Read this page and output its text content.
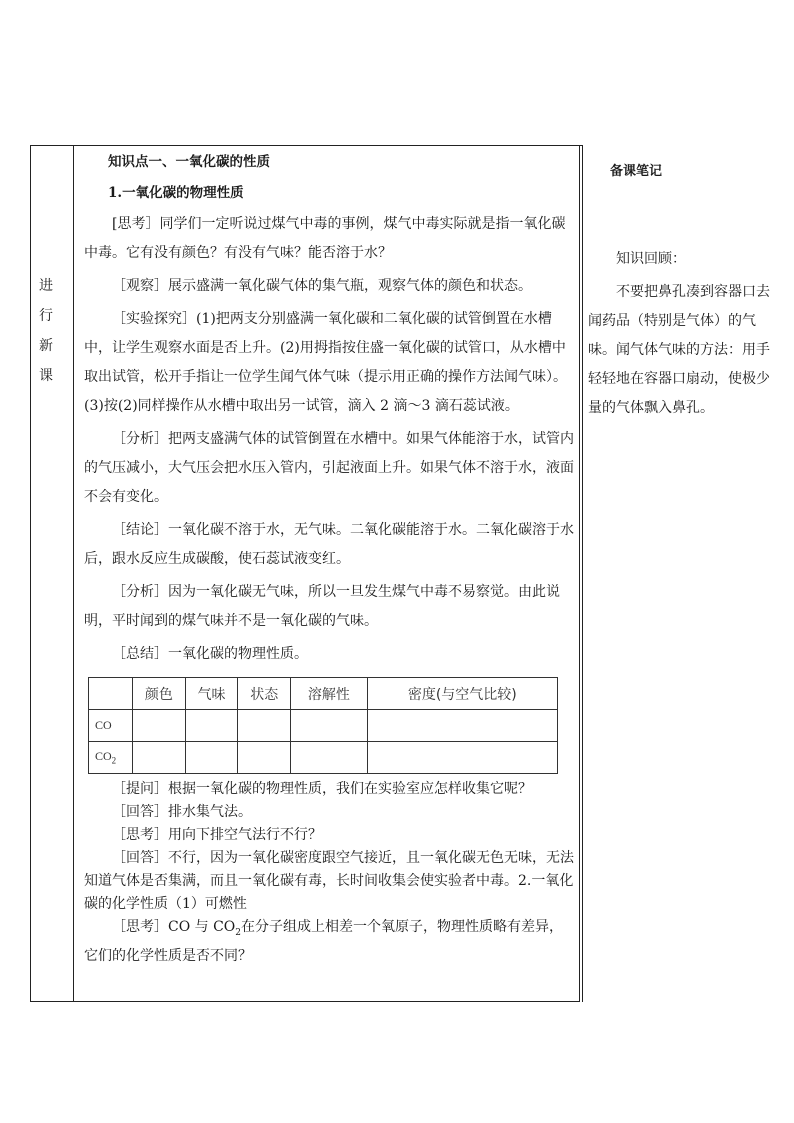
进
行
新
课

知识点一、一氧化碳的性质

1.一氧化碳的物理性质

[思考］同学们一定听说过煤气中毒的事例，煤气中毒实际就是指一氧化碳中毒。它有没有颜色？有没有气味？能否溶于水？

［观察］展示盛满一氧化碳气体的集气瓶，观察气体的颜色和状态。

［实验探究］(1)把两支分别盛满一氧化碳和二氧化碳的试管倒置在水槽中，让学生观察水面是否上升。(2)用拇指按住盛一氧化碳的试管口，从水槽中取出试管，松开手指让一位学生闻气体气味（提示用正确的操作方法闻气味）。(3)按(2)同样操作从水槽中取出另一试管，滴入 2 滴～3 滴石蕊试液。

［分析］把两支盛满气体的试管倒置在水槽中。如果气体能溶于水，试管内的气压减小，大气压会把水压入管内，引起液面上升。如果气体不溶于水，液面不会有变化。

［结论］一氧化碳不溶于水，无气味。二氧化碳能溶于水。二氧化碳溶于水后，跟水反应生成碳酸，使石蕊试液变红。

［分析］因为一氧化碳无气味，所以一旦发生煤气中毒不易察觉。由此说明，平时闻到的煤气味并不是一氧化碳的气味。

［总结］一氧化碳的物理性质。

	颜色	气味	状态	溶解性	密度(与空气比较)
CO					
$CO_2$					

［提问］根据一氧化碳的物理性质，我们在实验室应怎样收集它呢？

［回答］排水集气法。

［思考］用向下排空气法行不行？

［回答］不行，因为一氧化碳密度跟空气接近，且一氧化碳无色无味，无法知道气体是否集满，而且一氧化碳有毒，长时间收集会使实验者中毒。2.一氧化碳的化学性质（1）可燃性

［思考］CO 与 $CO_2$在分子组成上相差一个氧原子，物理性质略有差异，它们的化学性质是否不同？

备课笔记

知识回顾：

不要把鼻孔凑到容器口去闻药品（特别是气体）的气味。闻气体气味的方法：用手轻轻地在容器口扇动，使极少量的气体飘入鼻孔。
